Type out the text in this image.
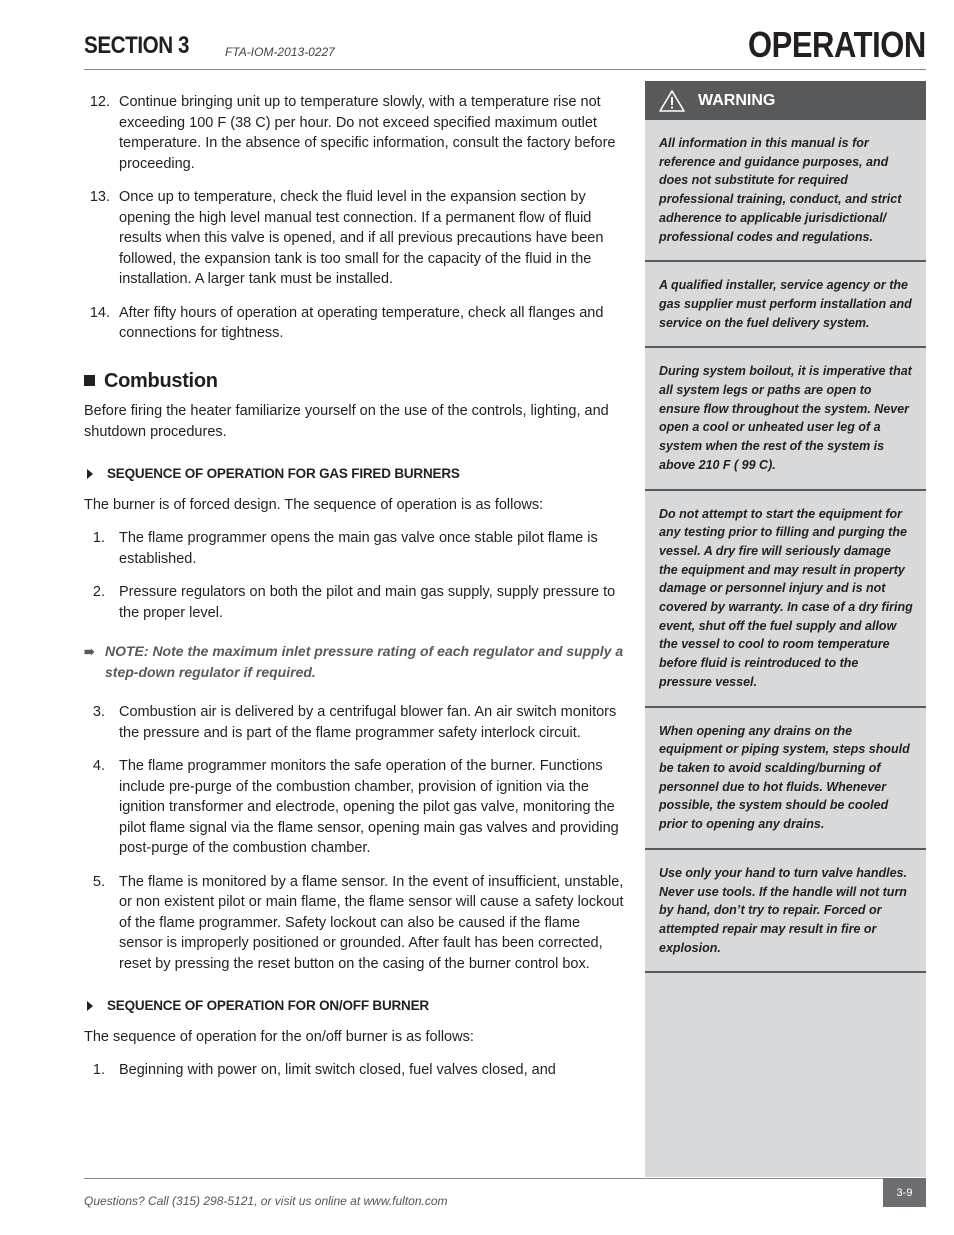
SECTION 3	FTA-IOM-2013-0227	OPERATION
12. Continue bringing unit up to temperature slowly, with a temperature rise not exceeding 100 F (38 C) per hour. Do not exceed specified maximum outlet temperature. In the absence of specific information, consult the factory before proceeding.
13. Once up to temperature, check the fluid level in the expansion section by opening the high level manual test connection. If a permanent flow of fluid results when this valve is opened, and if all previous precautions have been followed, the expansion tank is too small for the capacity of the fluid in the installation. A larger tank must be installed.
14. After fifty hours of operation at operating temperature, check all flanges and connections for tightness.
Combustion

Before firing the heater familiarize yourself on the use of the controls, lighting, and shutdown procedures.

SEQUENCE OF OPERATION FOR GAS FIRED BURNERS

The burner is of forced design. The sequence of operation is as follows:

1. The flame programmer opens the main gas valve once stable pilot flame is established.
2. Pressure regulators on both the pilot and main gas supply, supply pressure to the proper level.
➠ NOTE: Note the maximum inlet pressure rating of each regulator and supply a step-down regulator if required.
3. Combustion air is delivered by a centrifugal blower fan. An air switch monitors the pressure and is part of the flame programmer safety interlock circuit.
4. The flame programmer monitors the safe operation of the burner. Functions include pre-purge of the combustion chamber, provision of ignition via the ignition transformer and electrode, opening the pilot gas valve, monitoring the pilot flame signal via the flame sensor, opening main gas valves and providing post-purge of the combustion chamber.
5. The flame is monitored by a flame sensor. In the event of insufficient, unstable, or non existent pilot or main flame, the flame sensor will cause a safety lockout of the flame programmer. Safety lockout can also be caused if the flame sensor is improperly positioned or grounded. After fault has been corrected, reset by pressing the reset button on the casing of the burner control box.
SEQUENCE OF OPERATION FOR ON/OFF BURNER

The sequence of operation for the on/off burner is as follows:

1. Beginning with power on, limit switch closed, fuel valves closed, and
WARNING
All information in this manual is for reference and guidance purposes, and does not substitute for required professional training, conduct, and strict adherence to applicable jurisdictional/ professional codes and regulations.
A qualified installer, service agency or the gas supplier must perform installation and service on the fuel delivery system.
During system boilout, it is imperative that all system legs or paths are open to ensure flow throughout the system. Never open a cool or unheated user leg of a system when the rest of the system is above 210 F ( 99 C).
Do not attempt to start the equipment for any testing prior to filling and purging the vessel. A dry fire will seriously damage the equipment and may result in property damage or personnel injury and is not covered by warranty. In case of a dry firing event, shut off the fuel supply and allow the vessel to cool to room temperature before fluid is reintroduced to the pressure vessel.
When opening any drains on the equipment or piping system, steps should be taken to avoid scalding/burning of personnel due to hot fluids. Whenever possible, the system should be cooled prior to opening any drains.
Use only your hand to turn valve handles. Never use tools. If the handle will not turn by hand, don’t try to repair. Forced or attempted repair may result in fire or explosion.
Questions? Call (315) 298-5121, or visit us online at www.fulton.com
3-9
